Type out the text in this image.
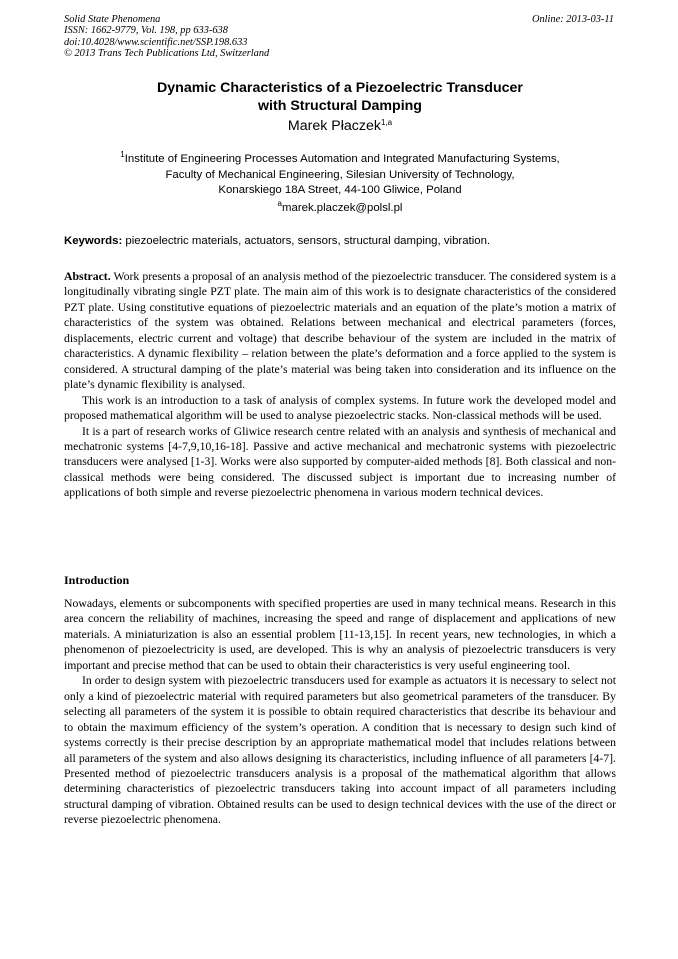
Solid State Phenomena
ISSN: 1662-9779, Vol. 198, pp 633-638
doi:10.4028/www.scientific.net/SSP.198.633
© 2013 Trans Tech Publications Ltd, Switzerland
Online: 2013-03-11
Dynamic Characteristics of a Piezoelectric Transducer
with Structural Damping
Marek Płaczek$^{1,a}$
$^1$Institute of Engineering Processes Automation and Integrated Manufacturing Systems,
Faculty of Mechanical Engineering, Silesian University of Technology,
Konarskiego 18A Street, 44-100 Gliwice, Poland
$^a$marek.placzek@polsl.pl
Keywords: piezoelectric materials, actuators, sensors, structural damping, vibration.

Abstract. Work presents a proposal of an analysis method of the piezoelectric transducer. The considered system is a longitudinally vibrating single PZT plate. The main aim of this work is to designate characteristics of the considered PZT plate. Using constitutive equations of piezoelectric materials and an equation of the plate’s motion a matrix of characteristics of the system was obtained. Relations between mechanical and electrical parameters (forces, displacements, electric current and voltage) that describe behaviour of the system are included in the matrix of characteristics. A dynamic flexibility – relation between the plate’s deformation and a force applied to the system is considered. A structural damping of the plate’s material was being taken into consideration and its influence on the plate’s dynamic flexibility is analysed.

This work is an introduction to a task of analysis of complex systems. In future work the developed model and proposed mathematical algorithm will be used to analyse piezoelectric stacks. Non-classical methods will be used.

It is a part of research works of Gliwice research centre related with an analysis and synthesis of mechanical and mechatronic systems [4-7,9,10,16-18]. Passive and active mechanical and mechatronic systems with piezoelectric transducers were analysed [1-3]. Works were also supported by computer-aided methods [8]. Both classical and non-classical methods were being considered. The discussed subject is important due to increasing number of applications of both simple and reverse piezoelectric phenomena in various modern technical devices.

Introduction

Nowadays, elements or subcomponents with specified properties are used in many technical means. Research in this area concern the reliability of machines, increasing the speed and range of displacement and applications of new materials. A miniaturization is also an essential problem [11-13,15]. In recent years, new technologies, in which a phenomenon of piezoelectricity is used, are developed. This is why an analysis of piezoelectric transducers is very important and precise method that can be used to obtain their characteristics is very useful engineering tool.

In order to design system with piezoelectric transducers used for example as actuators it is necessary to select not only a kind of piezoelectric material with required parameters but also geometrical parameters of the transducer. By selecting all parameters of the system it is possible to obtain required characteristics that describe its behaviour and to obtain the maximum efficiency of the system’s operation. A condition that is necessary to design such kind of systems correctly is their precise description by an appropriate mathematical model that includes relations between all parameters of the system and also allows designing its characteristics, including influence of all parameters [4-7]. Presented method of piezoelectric transducers analysis is a proposal of the mathematical algorithm that allows determining characteristics of piezoelectric transducers taking into account impact of all parameters including structural damping of vibration. Obtained results can be used to design technical devices with the use of the direct or reverse piezoelectric phenomena.
